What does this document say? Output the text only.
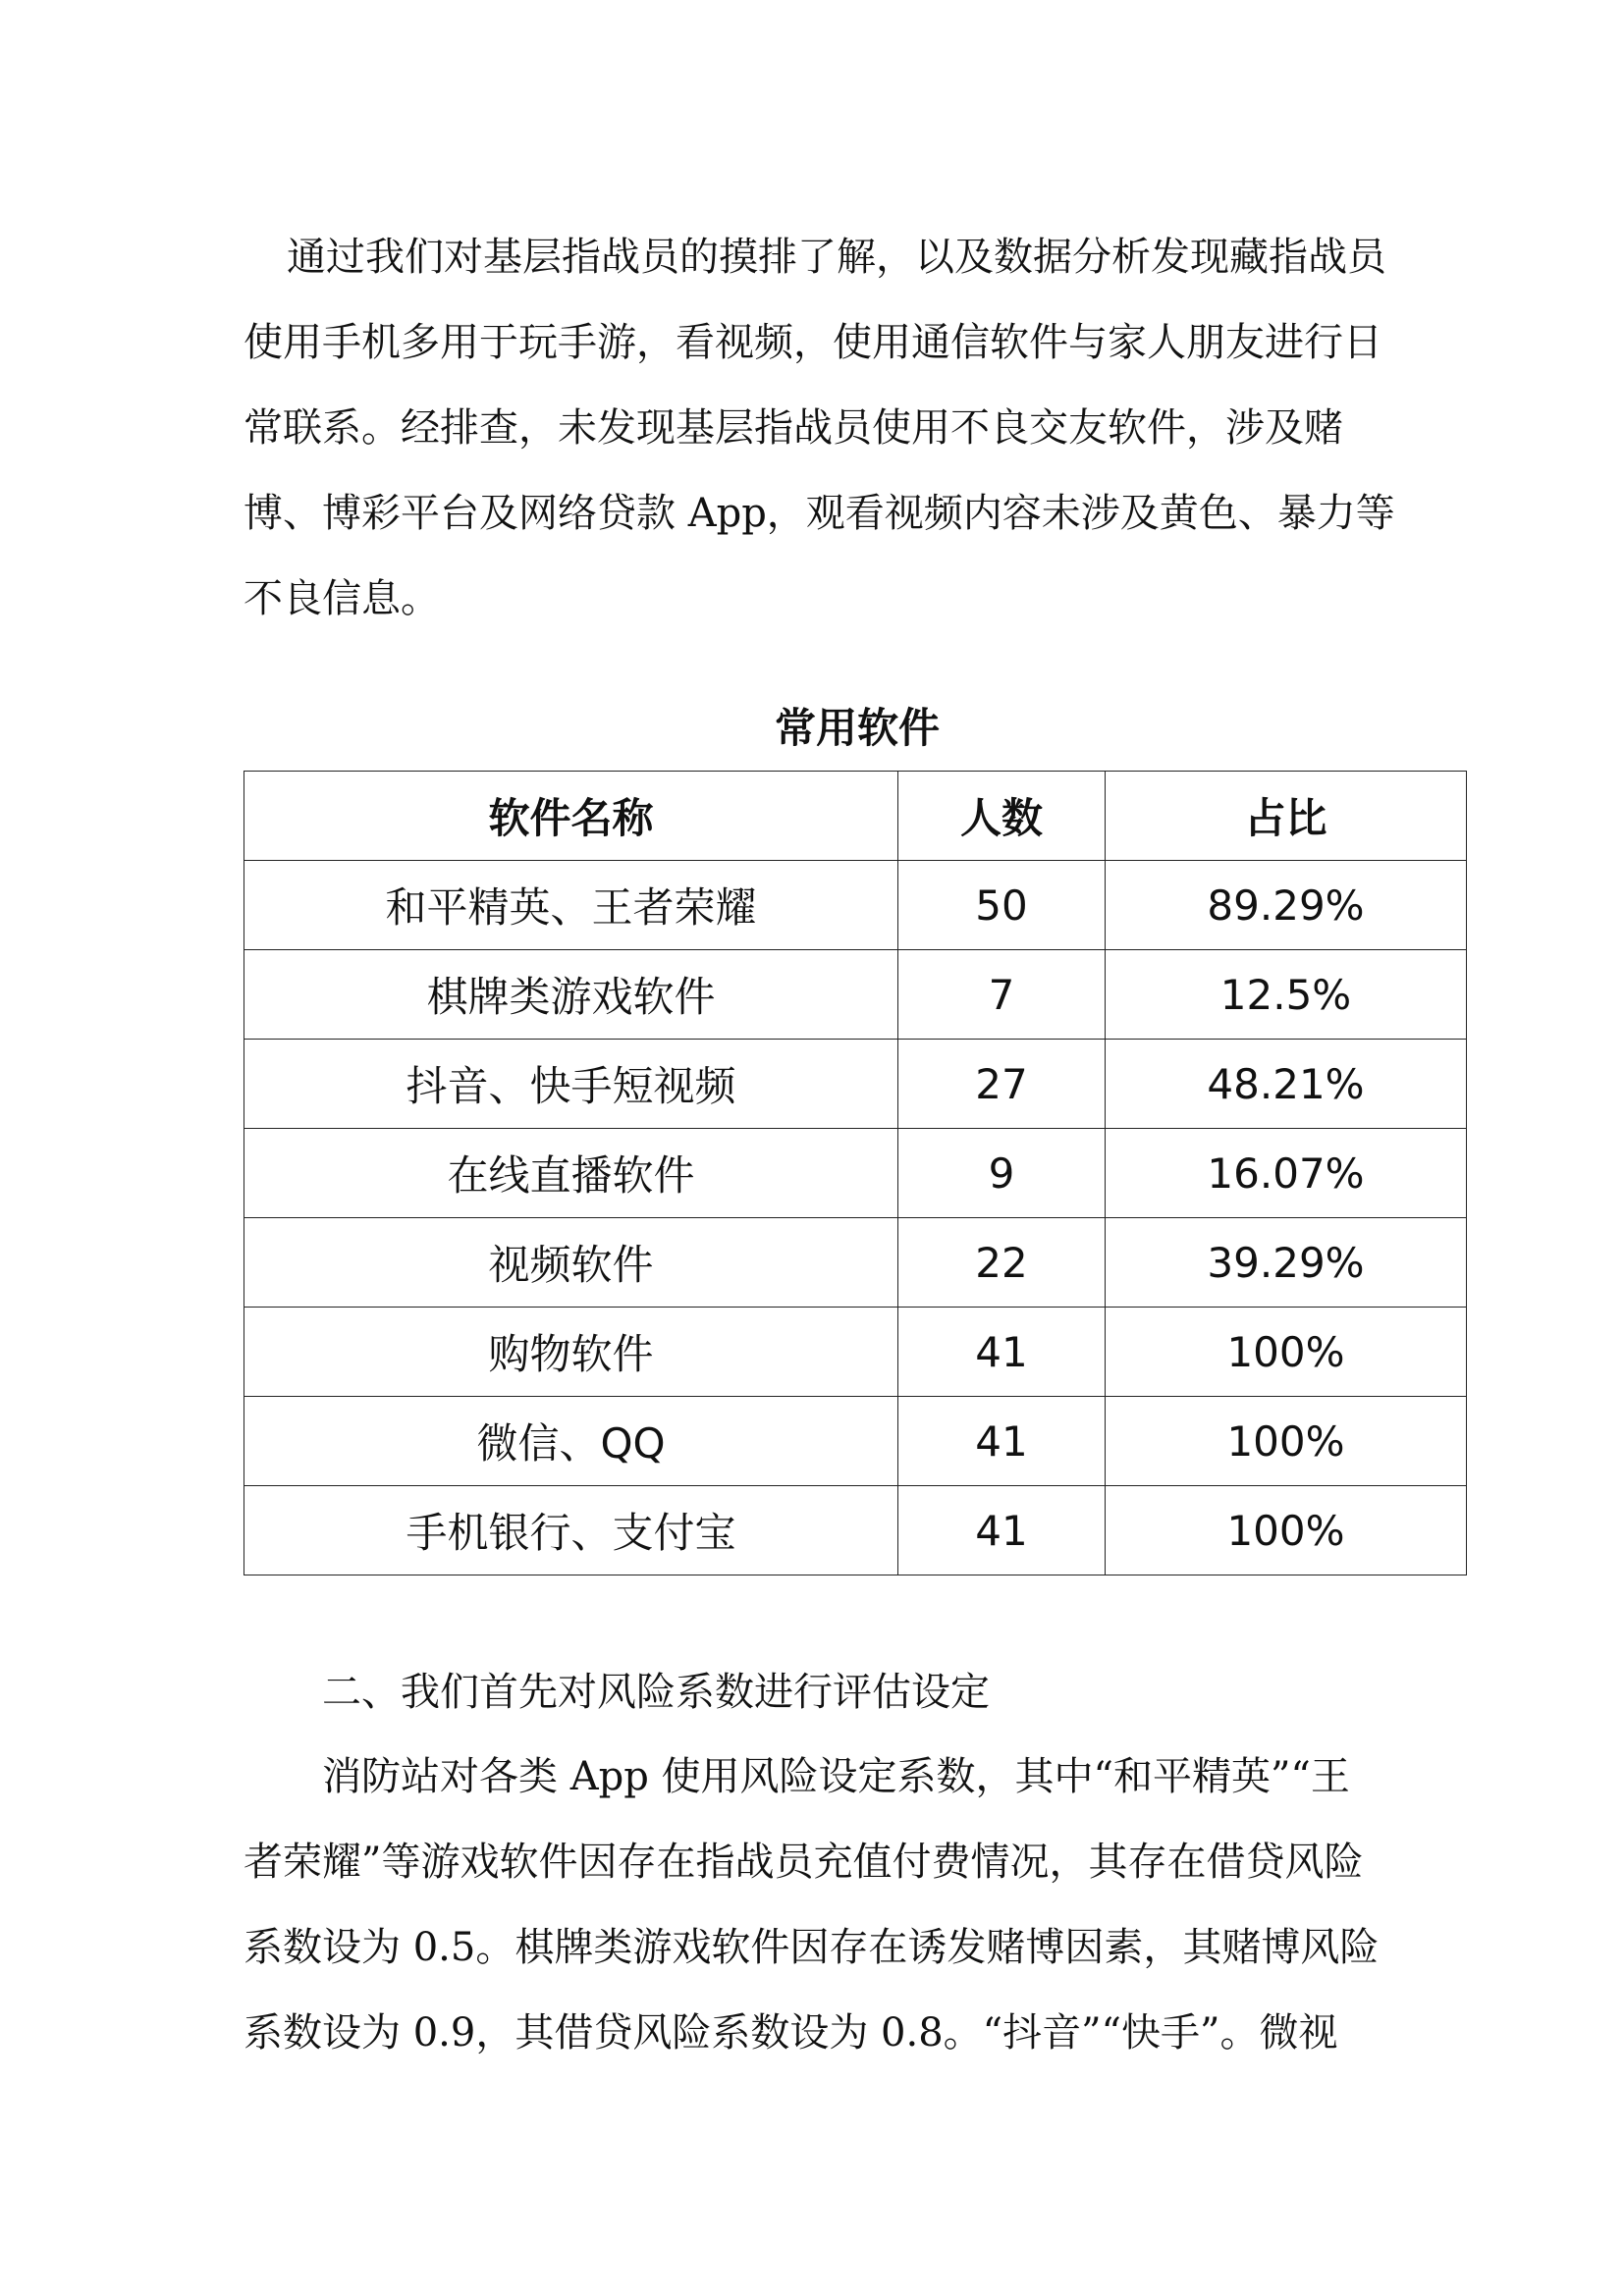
通过我们对基层指战员的摸排了解，以及数据分析发现藏指战员
使用手机多用于玩手游，看视频，使用通信软件与家人朋友进行日
常联系。经排查，未发现基层指战员使用不良交友软件，涉及赌
博、博彩平台及网络贷款 App，观看视频内容未涉及黄色、暴力等
不良信息。
常用软件
软件名称	人数	占比
和平精英、王者荣耀	50	89.29%
棋牌类游戏软件	7	12.5%
抖音、快手短视频	27	48.21%
在线直播软件	9	16.07%
视频软件	22	39.29%
购物软件	41	100%
微信、QQ	41	100%
手机银行、支付宝	41	100%
二、我们首先对风险系数进行评估设定
消防站对各类 App 使用风险设定系数，其中“和平精英”“王
者荣耀”等游戏软件因存在指战员充值付费情况，其存在借贷风险
系数设为 0.5。棋牌类游戏软件因存在诱发赌博因素，其赌博风险
系数设为 0.9，其借贷风险系数设为 0.8。“抖音”“快手”。微视
